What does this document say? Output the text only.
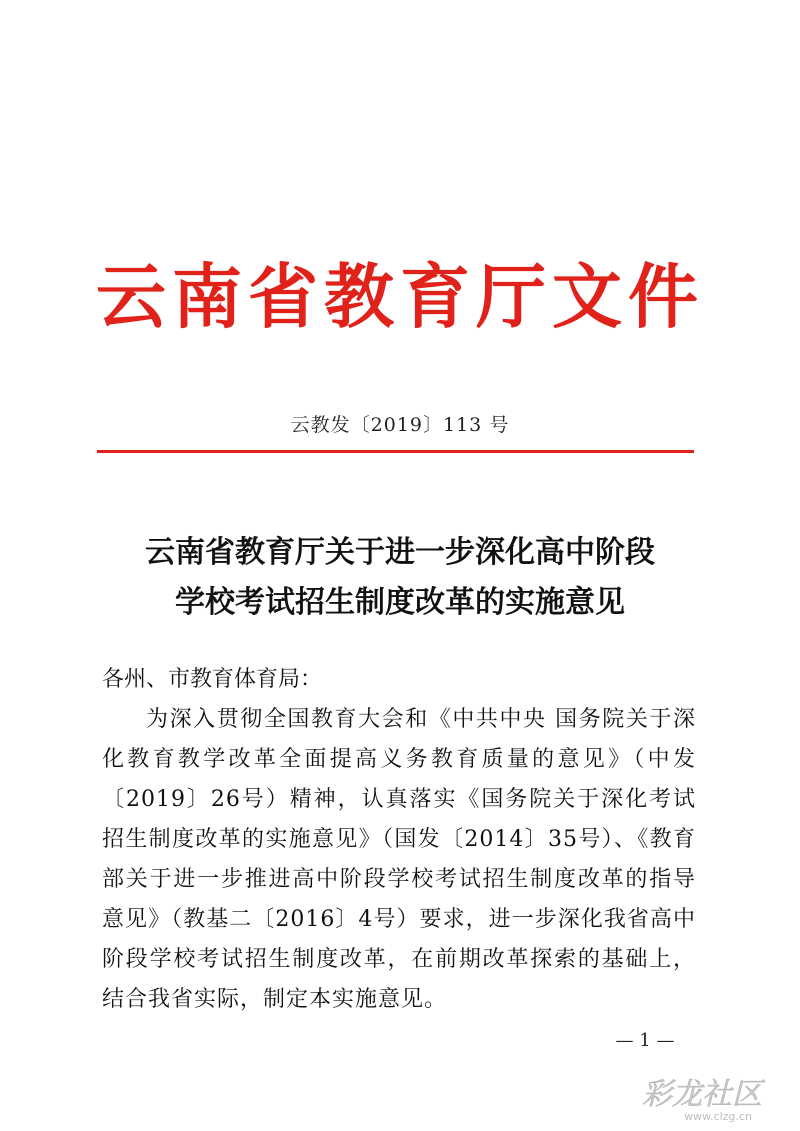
云南省教育厅文件
云教发〔2019〕113 号
云南省教育厅关于进一步深化高中阶段
学校考试招生制度改革的实施意见
各州、市教育体育局：
为深入贯彻全国教育大会和《中共中央 国务院关于深化教育教学改革全面提高义务教育质量的意见》（中发〔2019〕26号）精神，认真落实《国务院关于深化考试招生制度改革的实施意见》（国发〔2014〕35号）、《教育部关于进一步推进高中阶段学校考试招生制度改革的指导意见》（教基二〔2016〕4号）要求，进一步深化我省高中阶段学校考试招生制度改革，在前期改革探索的基础上，结合我省实际，制定本实施意见。
— 1 —
彩龙社区
www.clzg.cn
